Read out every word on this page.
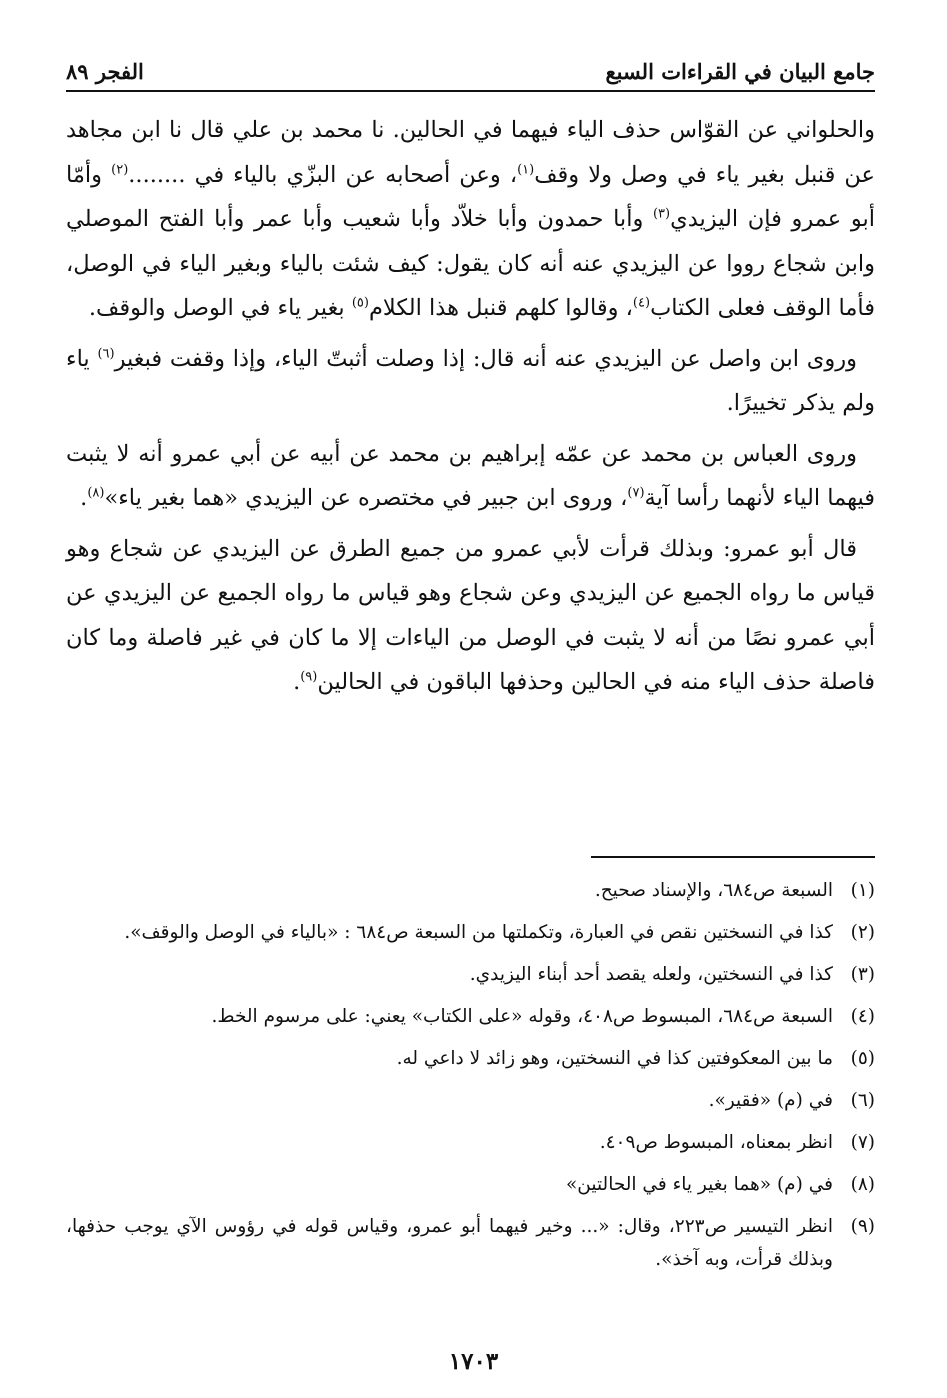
جامع البيان في القراءات السبع
الفجر ٨٩

والحلواني عن القوّاس حذف الياء فيهما في الحالين. نا محمد بن علي قال نا ابن مجاهد عن قنبل بغير ياء في وصل ولا وقف$^{(١)}$، وعن أصحابه عن البزّي بالياء في ........$^{(٢)}$ وأمّا أبو عمرو فإن اليزيدي$^{(٣)}$ وأبا حمدون وأبا خلاّد وأبا شعيب وأبا عمر وأبا الفتح الموصلي وابن شجاع رووا عن اليزيدي عنه أنه كان يقول: كيف شئت بالياء وبغير الياء في الوصل، فأما الوقف فعلى الكتاب$^{(٤)}$، وقالوا كلهم قنبل هذا الكلام$^{(٥)}$ بغير ياء في الوصل والوقف.

وروى ابن واصل عن اليزيدي عنه أنه قال: إذا وصلت أثبتّ الياء، وإذا وقفت فبغير$^{(٦)}$ ياء ولم يذكر تخييرًا.

وروى العباس بن محمد عن عمّه إبراهيم بن محمد عن أبيه عن أبي عمرو أنه لا يثبت فيهما الياء لأنهما رأسا آية$^{(٧)}$، وروى ابن جبير في مختصره عن اليزيدي «هما بغير ياء»$^{(٨)}$.

قال أبو عمرو: وبذلك قرأت لأبي عمرو من جميع الطرق عن اليزيدي عن شجاع وهو قياس ما رواه الجميع عن اليزيدي وعن شجاع وهو قياس ما رواه الجميع عن اليزيدي عن أبي عمرو نصًا من أنه لا يثبت في الوصل من الياءات إلا ما كان في غير فاصلة وما كان فاصلة حذف الياء منه في الحالين وحذفها الباقون في الحالين$^{(٩)}$.

(١)
السبعة ص٦٨٤، والإسناد صحيح.
(٢)
كذا في النسختين نقص في العبارة، وتكملتها من السبعة ص٦٨٤ : «بالياء في الوصل والوقف».
(٣)
كذا في النسختين، ولعله يقصد أحد أبناء اليزيدي.
(٤)
السبعة ص٦٨٤، المبسوط ص٤٠٨، وقوله «على الكتاب» يعني: على مرسوم الخط.
(٥)
ما بين المعكوفتين كذا في النسختين، وهو زائد لا داعي له.
(٦)
في (م) «فقير».
(٧)
انظر بمعناه، المبسوط ص٤٠٩.
(٨)
في (م) «هما بغير ياء في الحالتين»
(٩)
انظر التيسير ص٢٢٣، وقال: «... وخير فيهما أبو عمرو، وقياس قوله في رؤوس الآي يوجب حذفها، وبذلك قرأت، وبه آخذ».
١٧٠٣
